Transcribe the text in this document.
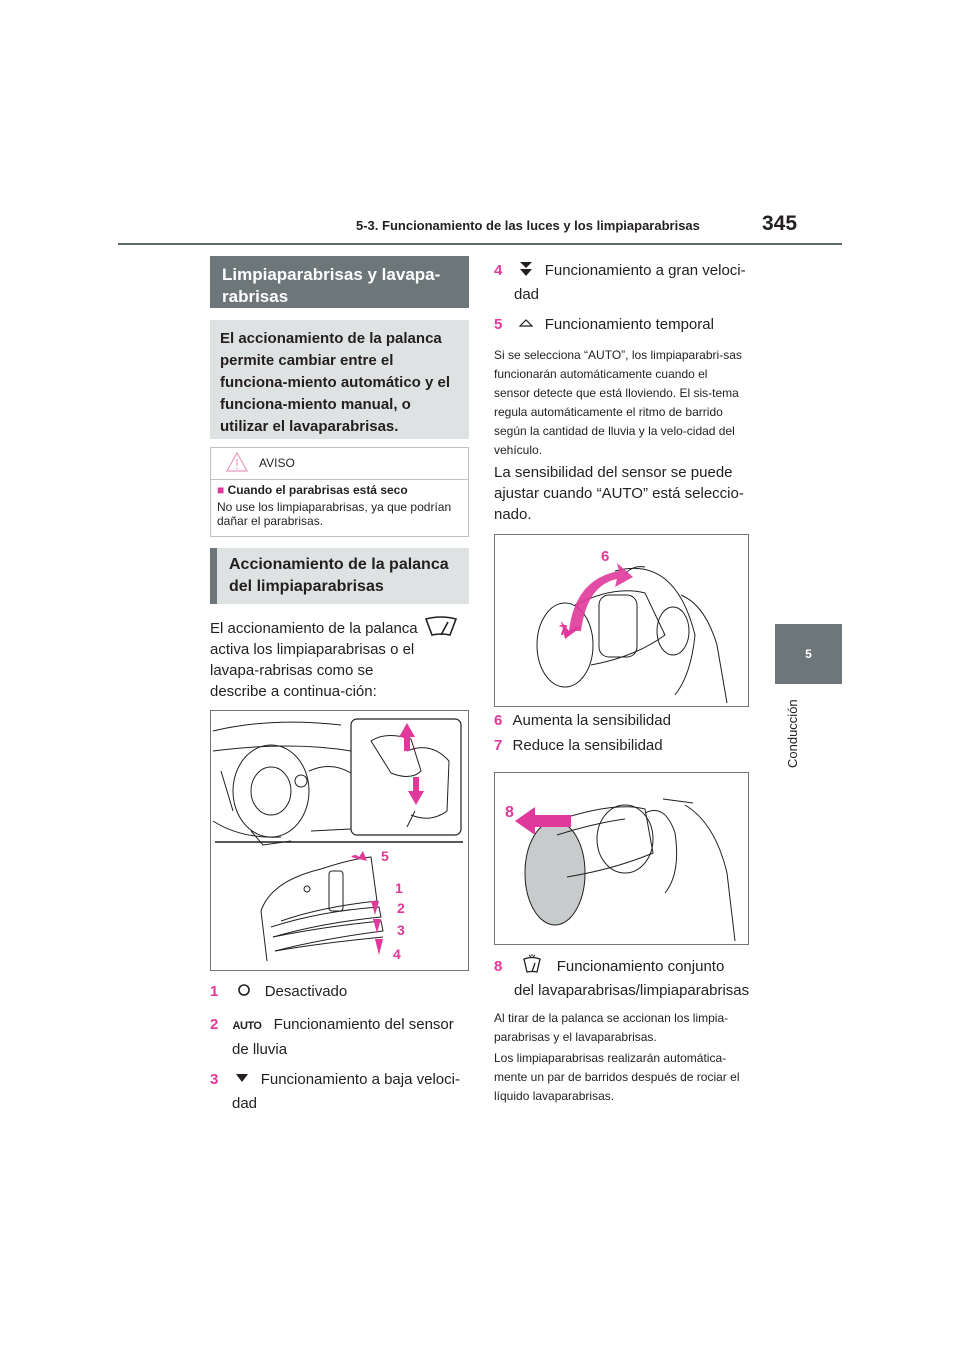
5-3. Funcionamiento de las luces y los limpiaparabrisas	345
5
Conducción
Limpiaparabrisas y lavapa-rabrisas
El accionamiento de la palanca permite cambiar entre el funciona-miento automático y el funciona-miento manual, o utilizar el lavaparabrisas.
AVISO
■ Cuando el parabrisas está seco
No use los limpiaparabrisas, ya que podrían dañar el parabrisas.
Accionamiento de la palanca del limpiaparabrisas
El accionamiento de la palanca activa los limpiaparabrisas o el lavapa-rabrisas como se describe a continua-ción:
5
1
2
3
4
1	Desactivado
2 AUTO Funcionamiento del sensor
de lluvia
3	Funcionamiento a baja veloci-
dad
4	Funcionamiento a gran veloci-
dad
5	Funcionamiento temporal
Si se selecciona “AUTO”, los limpiaparabri-sas funcionarán automáticamente cuando el sensor detecte que está lloviendo. El sis-tema regula automáticamente el ritmo de barrido según la cantidad de lluvia y la velo-cidad del vehículo.
La sensibilidad del sensor se puede ajustar cuando “AUTO” está seleccio-nado.
6
7
6 Aumenta la sensibilidad
7 Reduce la sensibilidad
8
8	Funcionamiento conjunto
del lavaparabrisas/limpiaparabrisas
Al tirar de la palanca se accionan los limpia-parabrisas y el lavaparabrisas.
Los limpiaparabrisas realizarán automática-mente un par de barridos después de rociar el líquido lavaparabrisas.
